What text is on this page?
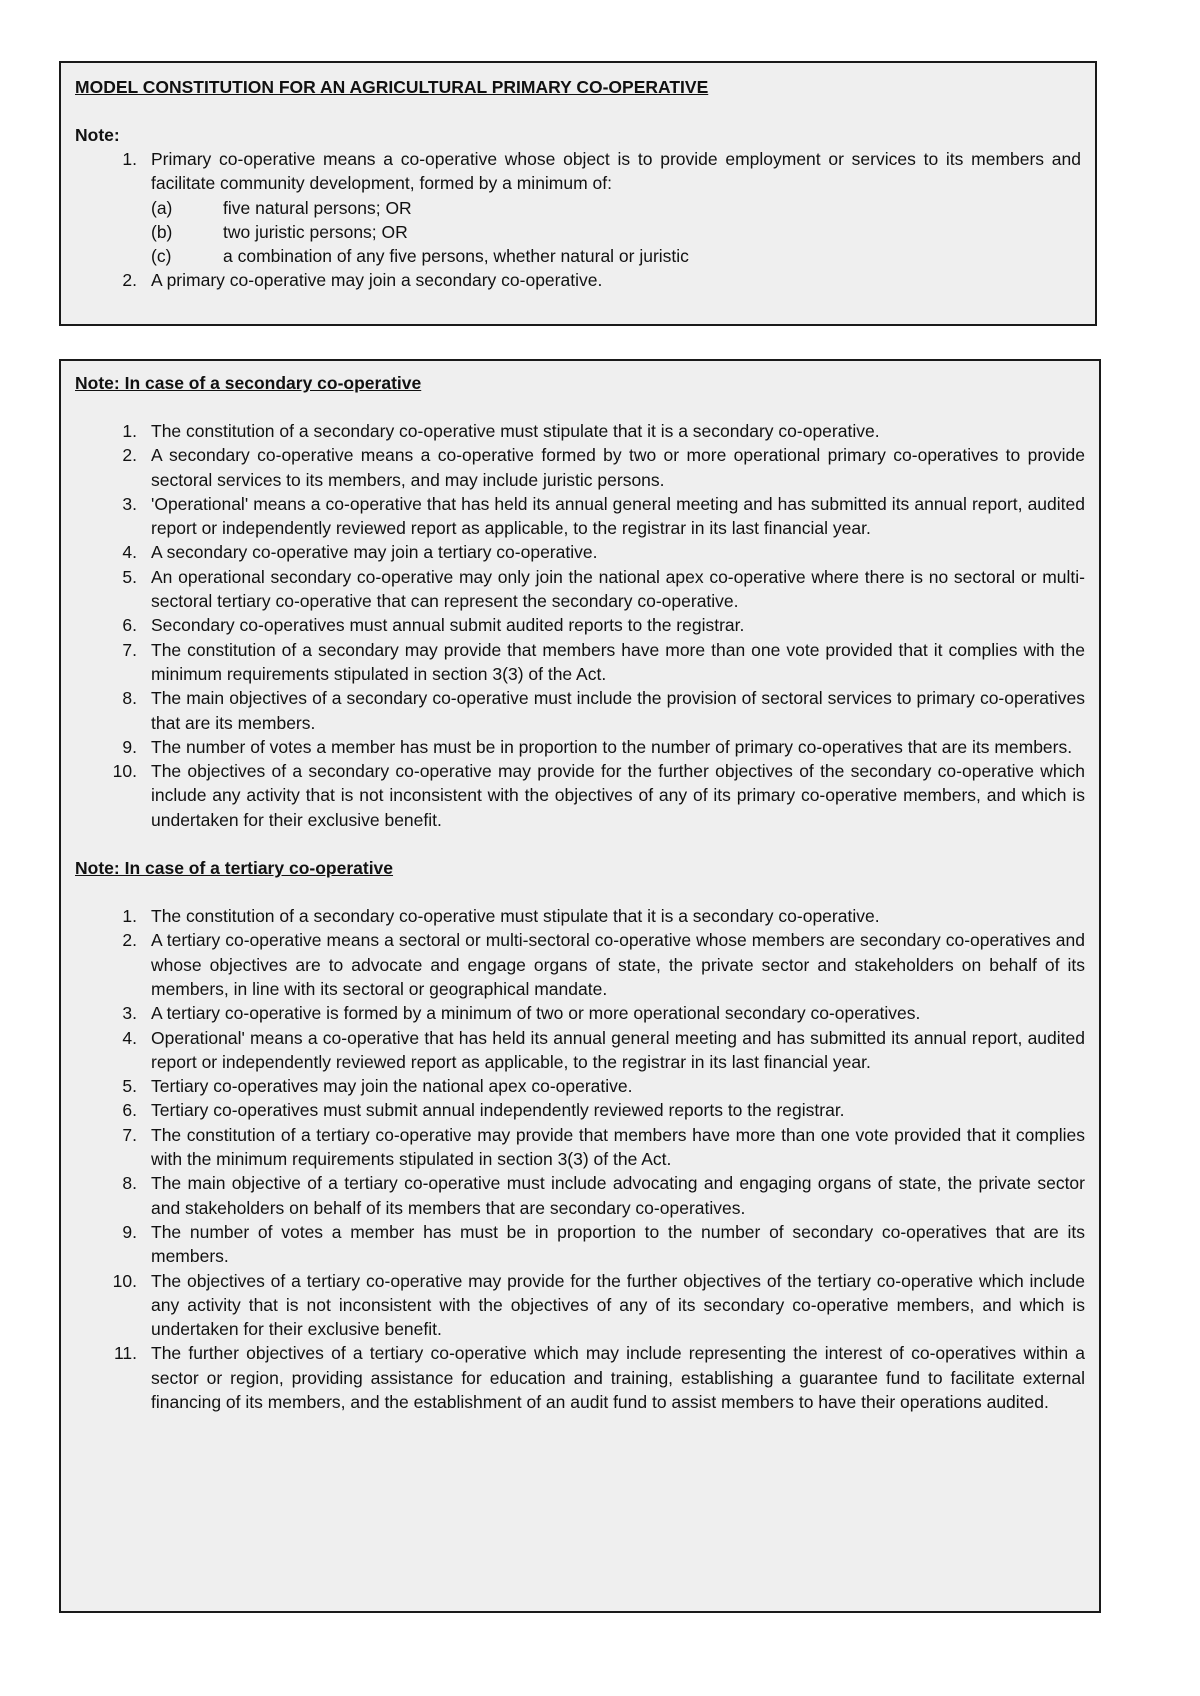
MODEL CONSTITUTION FOR AN AGRICULTURAL PRIMARY CO-OPERATIVE

Note:

1. Primary co-operative means a co-operative whose object is to provide employment or services to its members and facilitate community development, formed by a minimum of:
(a)	five natural persons; OR
(b)	two juristic persons; OR
(c)	a combination of any five persons, whether natural or juristic
2. A primary co-operative may join a secondary co-operative.

Note: In case of a secondary co-operative

1. The constitution of a secondary co-operative must stipulate that it is a secondary co-operative.
2. A secondary co-operative means a co-operative formed by two or more operational primary co-operatives to provide sectoral services to its members, and may include juristic persons.
3. 'Operational' means a co-operative that has held its annual general meeting and has submitted its annual report, audited report or independently reviewed report as applicable, to the registrar in its last financial year.
4. A secondary co-operative may join a tertiary co-operative.
5. An operational secondary co-operative may only join the national apex co-operative where there is no sectoral or multi-sectoral tertiary co-operative that can represent the secondary co-operative.
6. Secondary co-operatives must annual submit audited reports to the registrar.
7. The constitution of a secondary may provide that members have more than one vote provided that it complies with the minimum requirements stipulated in section 3(3) of the Act.
8. The main objectives of a secondary co-operative must include the provision of sectoral services to primary co-operatives that are its members.
9. The number of votes a member has must be in proportion to the number of primary co-operatives that are its members.
10. The objectives of a secondary co-operative may provide for the further objectives of the secondary co-operative which include any activity that is not inconsistent with the objectives of any of its primary co-operative members, and which is undertaken for their exclusive benefit.

Note: In case of a tertiary co-operative

1. The constitution of a secondary co-operative must stipulate that it is a secondary co-operative.
2. A tertiary co-operative means a sectoral or multi-sectoral co-operative whose members are secondary co-operatives and whose objectives are to advocate and engage organs of state, the private sector and stakeholders on behalf of its members, in line with its sectoral or geographical mandate.
3. A tertiary co-operative is formed by a minimum of two or more operational secondary co-operatives.
4. Operational' means a co-operative that has held its annual general meeting and has submitted its annual report, audited report or independently reviewed report as applicable, to the registrar in its last financial year.
5. Tertiary co-operatives may join the national apex co-operative.
6. Tertiary co-operatives must submit annual independently reviewed reports to the registrar.
7. The constitution of a tertiary co-operative may provide that members have more than one vote provided that it complies with the minimum requirements stipulated in section 3(3) of the Act.
8. The main objective of a tertiary co-operative must include advocating and engaging organs of state, the private sector and stakeholders on behalf of its members that are secondary co-operatives.
9. The number of votes a member has must be in proportion to the number of secondary co-operatives that are its members.
10. The objectives of a tertiary co-operative may provide for the further objectives of the tertiary co-operative which include any activity that is not inconsistent with the objectives of any of its secondary co-operative members, and which is undertaken for their exclusive benefit.
11. The further objectives of a tertiary co-operative which may include representing the interest of co-operatives within a sector or region, providing assistance for education and training, establishing a guarantee fund to facilitate external financing of its members, and the establishment of an audit fund to assist members to have their operations audited.
